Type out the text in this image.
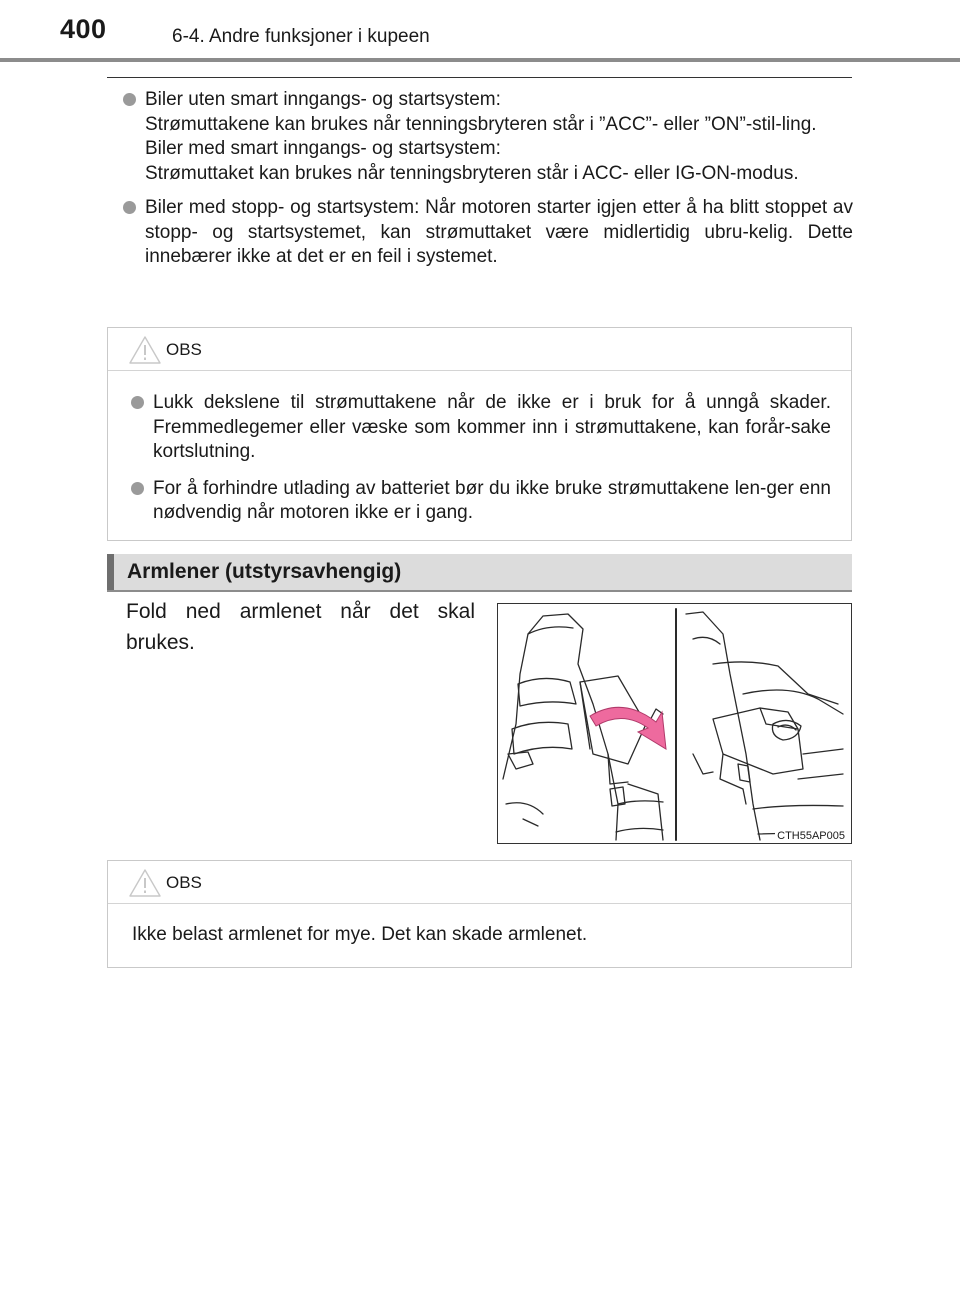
400	6-4. Andre funksjoner i kupeen

Biler uten smart inngangs- og startsystem:

Strømuttakene kan brukes når tenningsbryteren står i ”ACC”- eller ”ON”-stil-ling.

Biler med smart inngangs- og startsystem:

Strømuttaket kan brukes når tenningsbryteren står i ACC- eller IG-ON-modus.

Biler med stopp- og startsystem: Når motoren starter igjen etter å ha blitt stoppet av stopp- og startsystemet, kan strømuttaket være midlertidig ubru-kelig. Dette innebærer ikke at det er en feil i systemet.

OBS

Lukk dekslene til strømuttakene når de ikke er i bruk for å unngå skader. Fremmedlegemer eller væske som kommer inn i strømuttakene, kan forår-sake kortslutning.

For å forhindre utlading av batteriet bør du ikke bruke strømuttakene len-ger enn nødvendig når motoren ikke er i gang.

Armlener (utstyrsavhengig)
Fold ned armlenet når det skal brukes.
CTH55AP005
OBS

Ikke belast armlenet for mye. Det kan skade armlenet.
